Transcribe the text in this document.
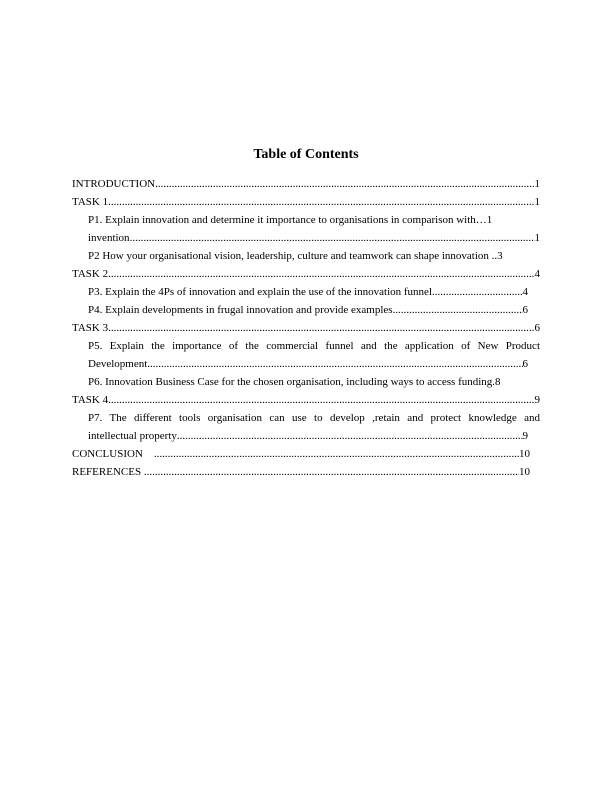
Table of Contents
INTRODUCTION .....	1
TASK 1 .....	1
P1. Explain innovation and determine it importance to organisations in comparison with… 1
invention .....	1
P2 How your organisational vision, leadership, culture and teamwork can shape innovation .. 3
TASK 2 .....	4
P3. Explain the 4Ps of innovation and explain the use of the innovation funnel .....	4
P4. Explain developments in frugal innovation and provide examples .....	6
TASK 3 .....	6
P5. Explain the importance of the commercial funnel and the application of New Product
Development .....	6
P6. Innovation Business Case for the chosen organisation, including ways to access funding. 8
TASK 4 .....	9
P7. The different tools organisation can use to develop ,retain and protect knowledge and
intellectual property .....	9
CONCLUSION .....	10
REFERENCES .....	10
